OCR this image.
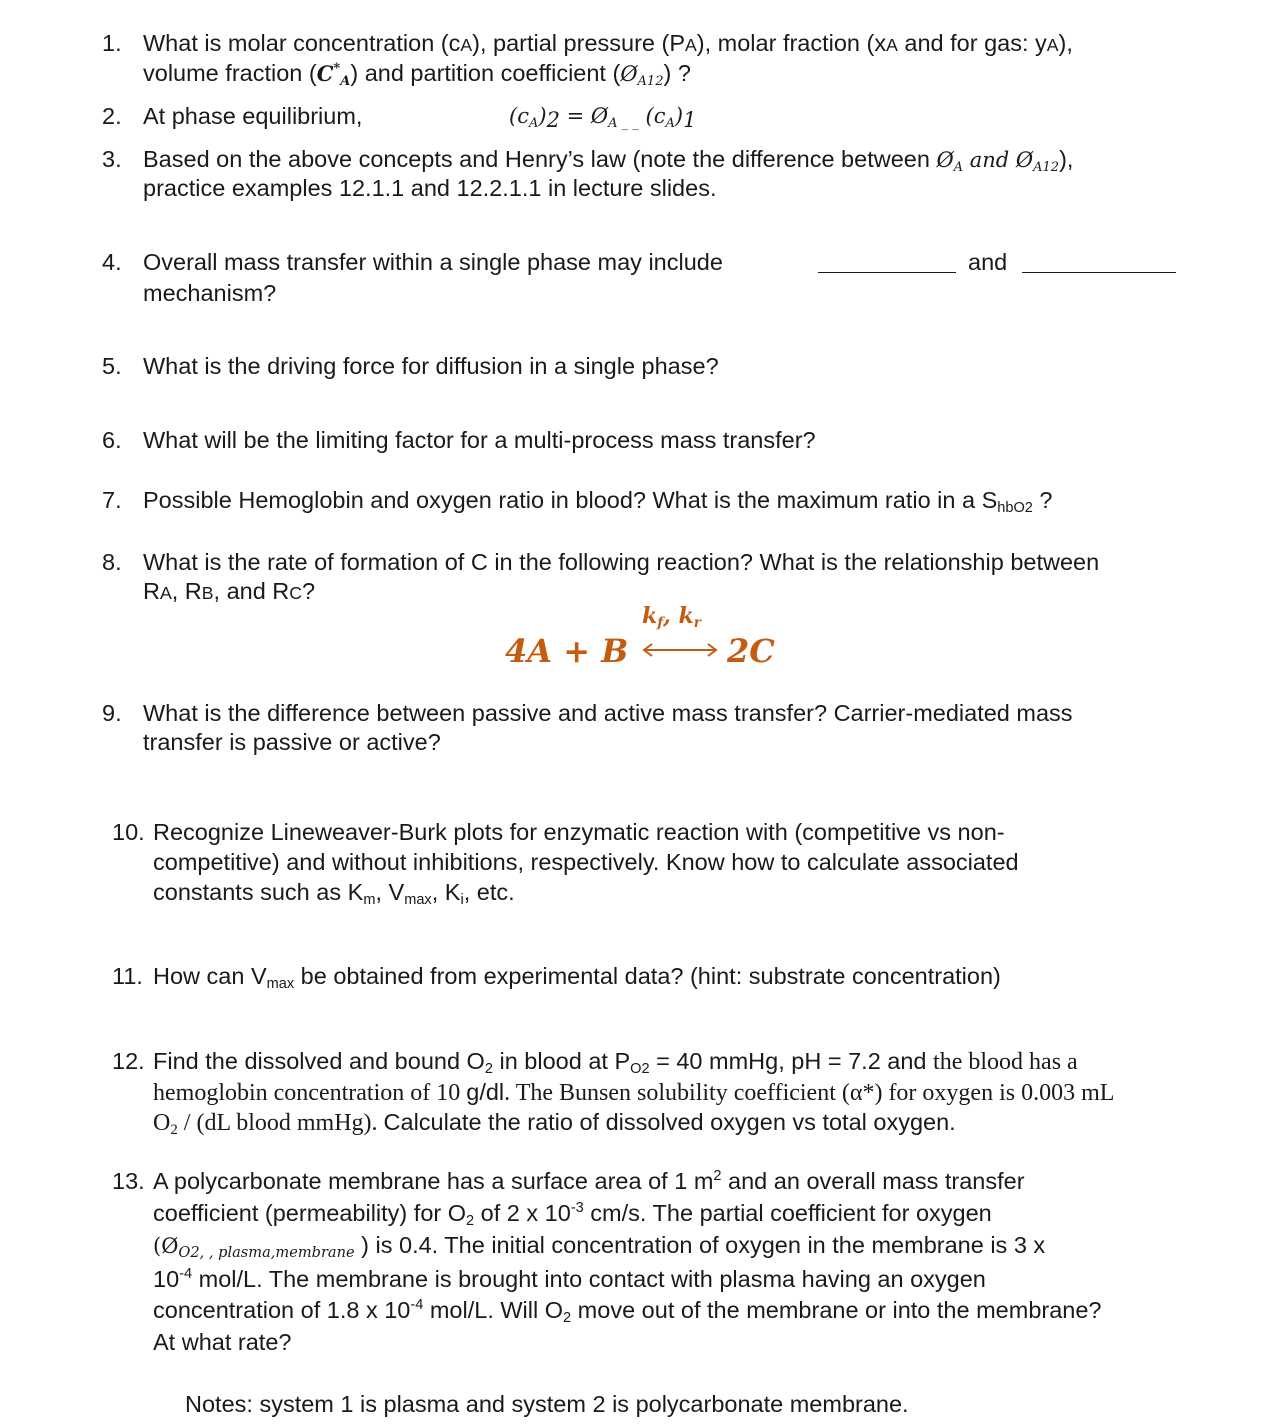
1. What is molar concentration (cA), partial pressure (PA), molar fraction (xA and for gas: yA),
volume fraction $(C^*_A)$ and partition coefficient $(Ø_{A12})$ ?
2. At phase equilibrium,	$(c_A)_2$ = $Ø_{A \_ \_}$ $(c_A)_1$
3. Based on the above concepts and Henry’s law (note the difference between $Ø_A$ and $Ø_{A12}$),
practice examples 12.1.1 and 12.2.1.1 in lecture slides.
4. Overall mass transfer within a single phase may include	and
mechanism?
5. What is the driving force for diffusion in a single phase?
6. What will be the limiting factor for a multi-process mass transfer?
7. Possible Hemoglobin and oxygen ratio in blood? What is the maximum ratio in a $S_{hbO2}$ ?
8. What is the rate of formation of C in the following reaction? What is the relationship between
RA, RB, and RC?
$k_f$, $k_r$
4A + B	2C
9. What is the difference between passive and active mass transfer? Carrier-mediated mass
transfer is passive or active?
10. Recognize Lineweaver-Burk plots for enzymatic reaction with (competitive vs non-
competitive) and without inhibitions, respectively. Know how to calculate associated
constants such as $K_m$, $V_{max}$, $K_i$, etc.
11. How can $V_{max}$ be obtained from experimental data? (hint: substrate concentration)
12. Find the dissolved and bound $O_2$ in blood at $P_{O2} = 40$ mmHg, pH = 7.2 and the blood has a
hemoglobin concentration of 10 g/dl. The Bunsen solubility coefficient (α*) for oxygen is 0.003 mL
$O_2 / (dL$ blood mmHg). Calculate the ratio of dissolved oxygen vs total oxygen.
13. A polycarbonate membrane has a surface area of 1 $m^2$ and an overall mass transfer
coefficient (permeability) for $O_2$ of 2 x $10^{-3}$ cm/s. The partial coefficient for oxygen
($Ø_{O2, , plasma,membrane}$ ) is 0.4. The initial concentration of oxygen in the membrane is 3 x
$10^{-4}$ mol/L. The membrane is brought into contact with plasma having an oxygen
concentration of 1.8 x $10^{-4}$ mol/L. Will $O_2$ move out of the membrane or into the membrane?
At what rate?
Notes: system 1 is plasma and system 2 is polycarbonate membrane.
